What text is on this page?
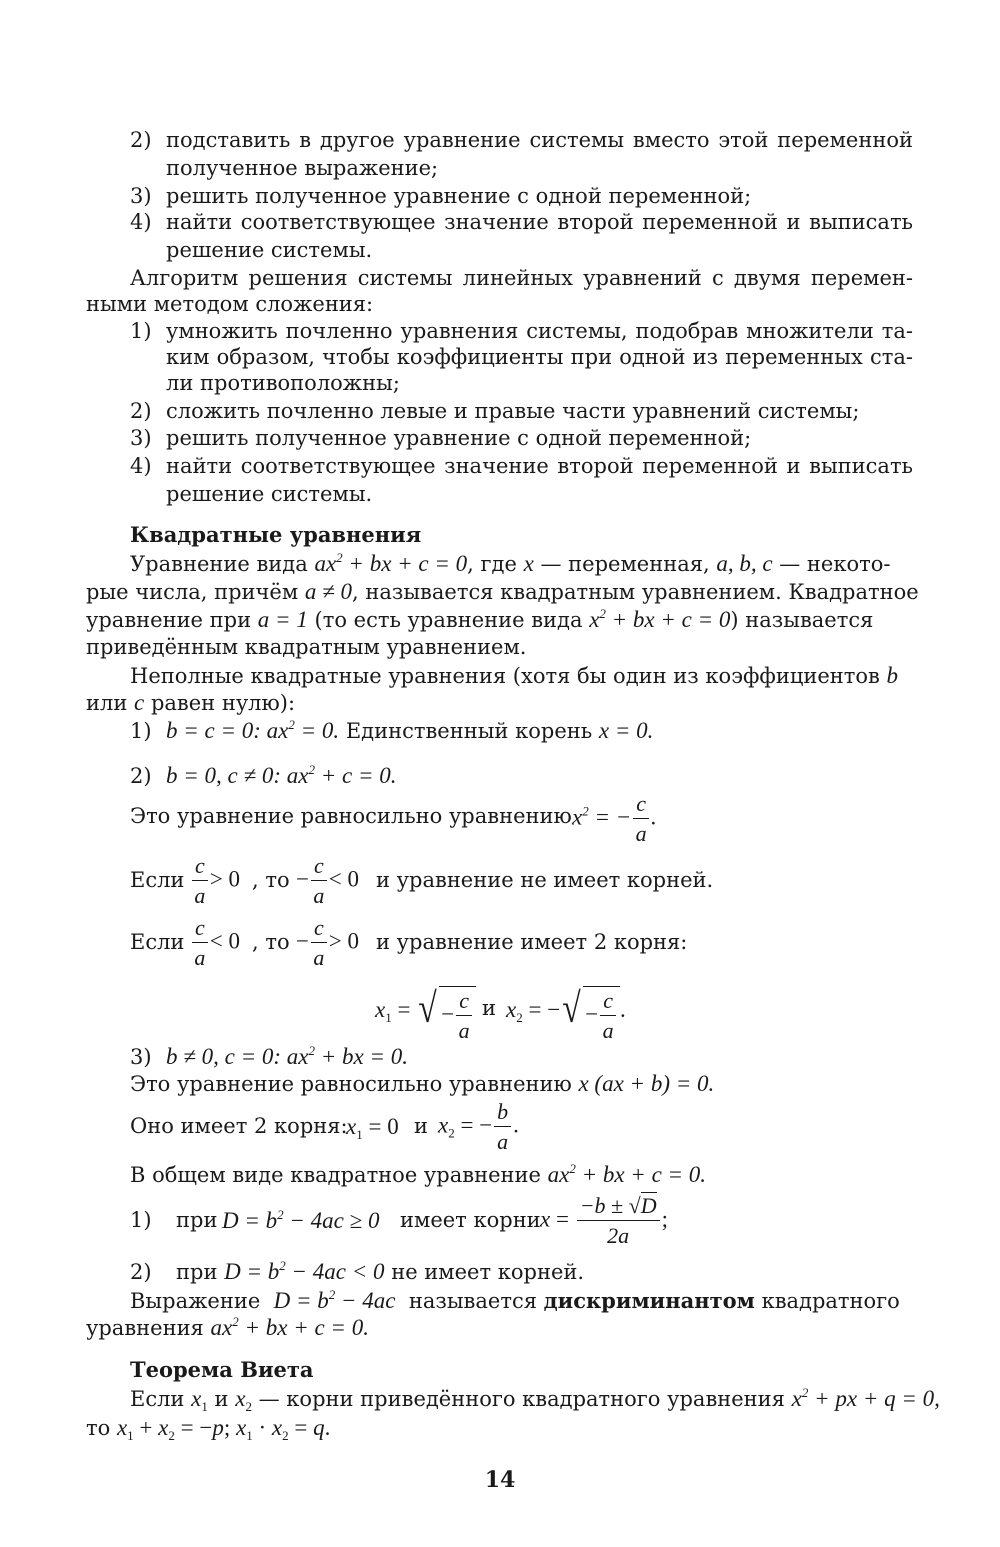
2) подставить в другое уравнение системы вместо этой переменной
полученное выражение;
3) решить полученное уравнение с одной переменной;
4) найти соответствующее значение второй переменной и выписать
решение системы.
Алгоритм решения системы линейных уравнений с двумя перемен-
ными методом сложения:
1) умножить почленно уравнения системы, подобрав множители та-
ким образом, чтобы коэффициенты при одной из переменных ста-
ли противоположны;
2) сложить почленно левые и правые части уравнений системы;
3) решить полученное уравнение с одной переменной;
4) найти соответствующее значение второй переменной и выписать
решение системы.
Квадратные уравнения
Уравнение вида $ax^2$ + bx + c = 0, где x — переменная, a, b, c — некото-
рые числа, причём a ≠ 0, называется квадратным уравнением. Квадратное
уравнение при a = 1 (то есть уравнение вида $x^2$ + bx + c = 0) называется
приведённым квадратным уравнением.
Неполные квадратные уравнения (хотя бы один из коэффициентов b
или c равен нулю):
1) b = c = 0: $ax^2 = 0$. Единственный корень x = 0.
2) b = 0, c ≠ 0: $ax^2 + c = 0$.
Это уравнение равносильно уравнению $x^2$ = − $\frac{c}{a}$ .
Если $\frac{c}{a} > 0$ , то − $\frac{c}{a} < 0$ и уравнение не имеет корней.
Если $\frac{c}{a} < 0$ , то − $\frac{c}{a} > 0$ и уравнение имеет 2 корня:
$x_1$ = √ − $\frac{c}{a}$ и $x_2$ = − √ − $\frac{c}{a}$ .
3) b ≠ 0, c = 0: $ax^2$ + bx = 0.
Это уравнение равносильно уравнению x (ax + b) = 0.
Оно имеет 2 корня:
$x_1 = 0$ и $x_2$ = − $\frac{b}{a}$ .
В общем виде квадратное уравнение $ax^2$ + bx + c = 0.
1) при $D = b^2 - 4ac \ge 0$ имеет корни $x = \frac{-b \pm √D}{2a}$ ;
2) при $D = b^2 - 4ac < 0$ не имеет корней.
Выражение $D = b^2 - 4ac$ называется дискриминантом квадратного
уравнения $ax^2$ + bx + c = 0.
Теорема Виета
Если $x_1$ и $x_2$ — корни приведённого квадратного уравнения $x^2$ + px + q = 0,
то $x_1 + x_2 = -p$; $x_1 \cdot x_2 = q$.
14
